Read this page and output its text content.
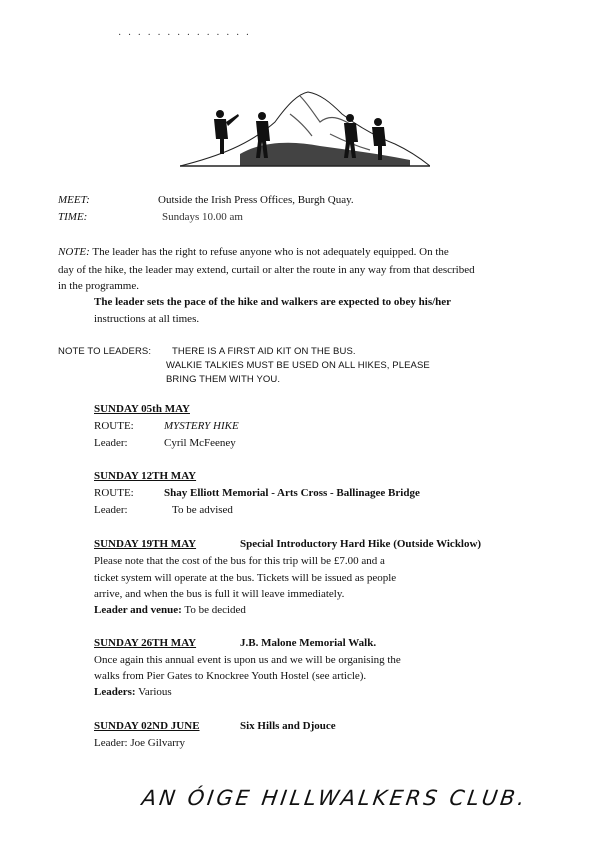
· · · · · · · · · · · · · ·
MEET:	Outside the Irish Press Offices, Burgh Quay.
TIME:	Sundays 10.00 am
NOTE: The leader has the right to refuse anyone who is not adequately equipped. On the
day of the hike, the leader may extend, curtail or alter the route in any way from that described
in the programme.
The leader sets the pace of the hike and walkers are expected to obey his/her
instructions at all times.
NOTE TO LEADERS: THERE IS A FIRST AID KIT ON THE BUS.
WALKIE TALKIES MUST BE USED ON ALL HIKES, PLEASE
BRING THEM WITH YOU.
SUNDAY 05th MAY
ROUTE:	MYSTERY HIKE
Leader:	Cyril McFeeney
SUNDAY 12TH MAY
ROUTE:	Shay Elliott Memorial - Arts Cross - Ballinagee Bridge
Leader:	To be advised
SUNDAY 19TH MAY	Special Introductory Hard Hike (Outside Wicklow)
Please note that the cost of the bus for this trip will be £7.00 and a
ticket system will operate at the bus. Tickets will be issued as people
arrive, and when the bus is full it will leave immediately.
Leader and venue: To be decided
SUNDAY 26TH MAY	J.B. Malone Memorial Walk.
Once again this annual event is upon us and we will be organising the
walks from Pier Gates to Knockree Youth Hostel (see article).
Leaders: Various
SUNDAY 02ND JUNE	Six Hills and Djouce
Leader: Joe Gilvarry
AN ÓIGE HILLWALKERS CLUB.
